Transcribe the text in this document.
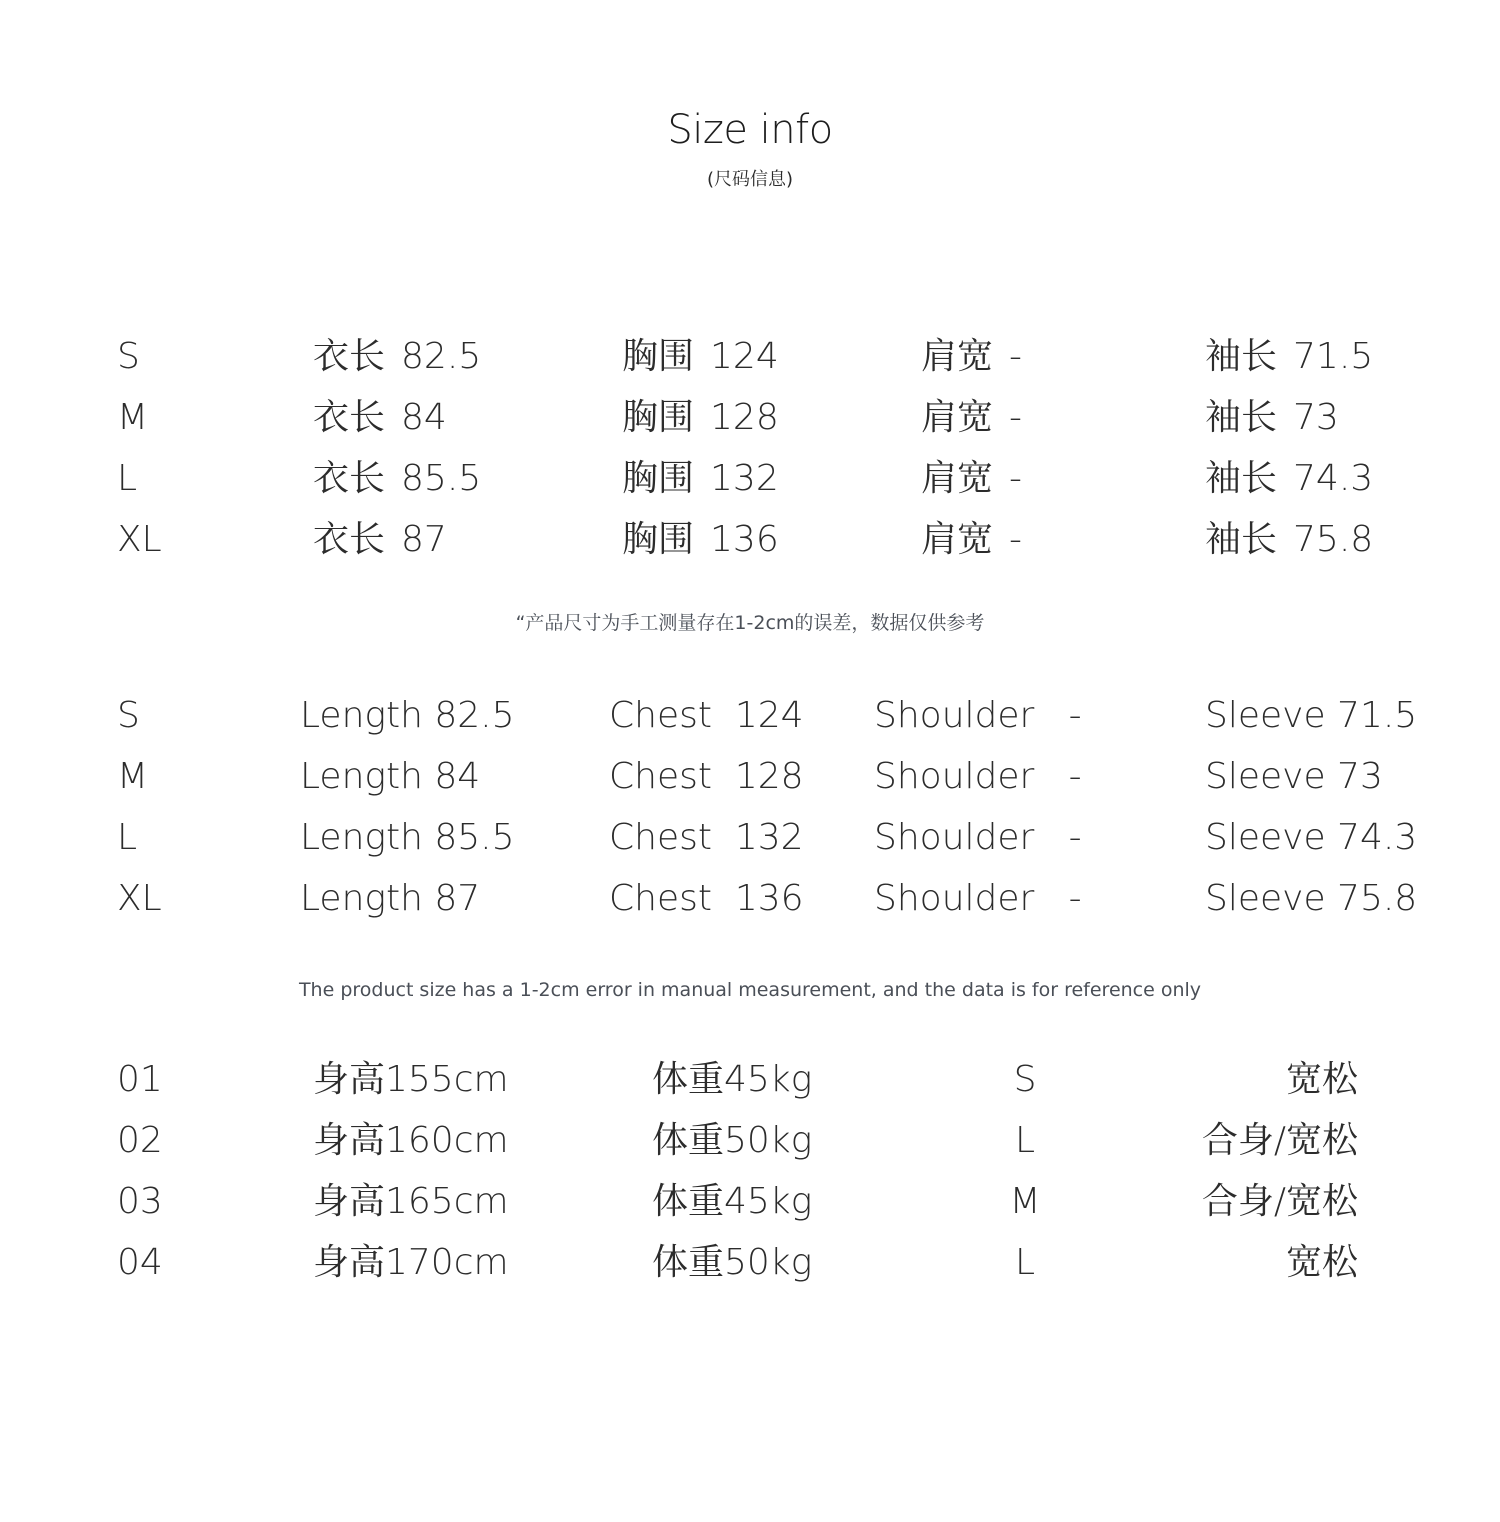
Size info
(尺码信息)
S	衣长 82.5	胸围 124	肩宽 -	袖长 71.5
M	衣长 84	胸围 128	肩宽 -	袖长 73
L	衣长 85.5	胸围 132	肩宽 -	袖长 74.3
XL	衣长 87	胸围 136	肩宽 -	袖长 75.8
“产品尺寸为手工测量存在1-2cm的误差，数据仅供参考
S	Length 82.5	Chest  124 Shoulder   -	Sleeve 71.5
M	Length 84	Chest  128 Shoulder   -	Sleeve 73
L	Length 85.5	Chest  132 Shoulder   -	Sleeve 74.3
XL	Length 87	Chest  136 Shoulder   -	Sleeve 75.8
The product size has a 1-2cm error in manual measurement, and the data is for reference only
01	身高155cm	体重45kg	S	宽松
02	身高160cm	体重50kg	L	合身/宽松
03	身高165cm	体重45kg	M	合身/宽松
04	身高170cm	体重50kg	L	宽松
